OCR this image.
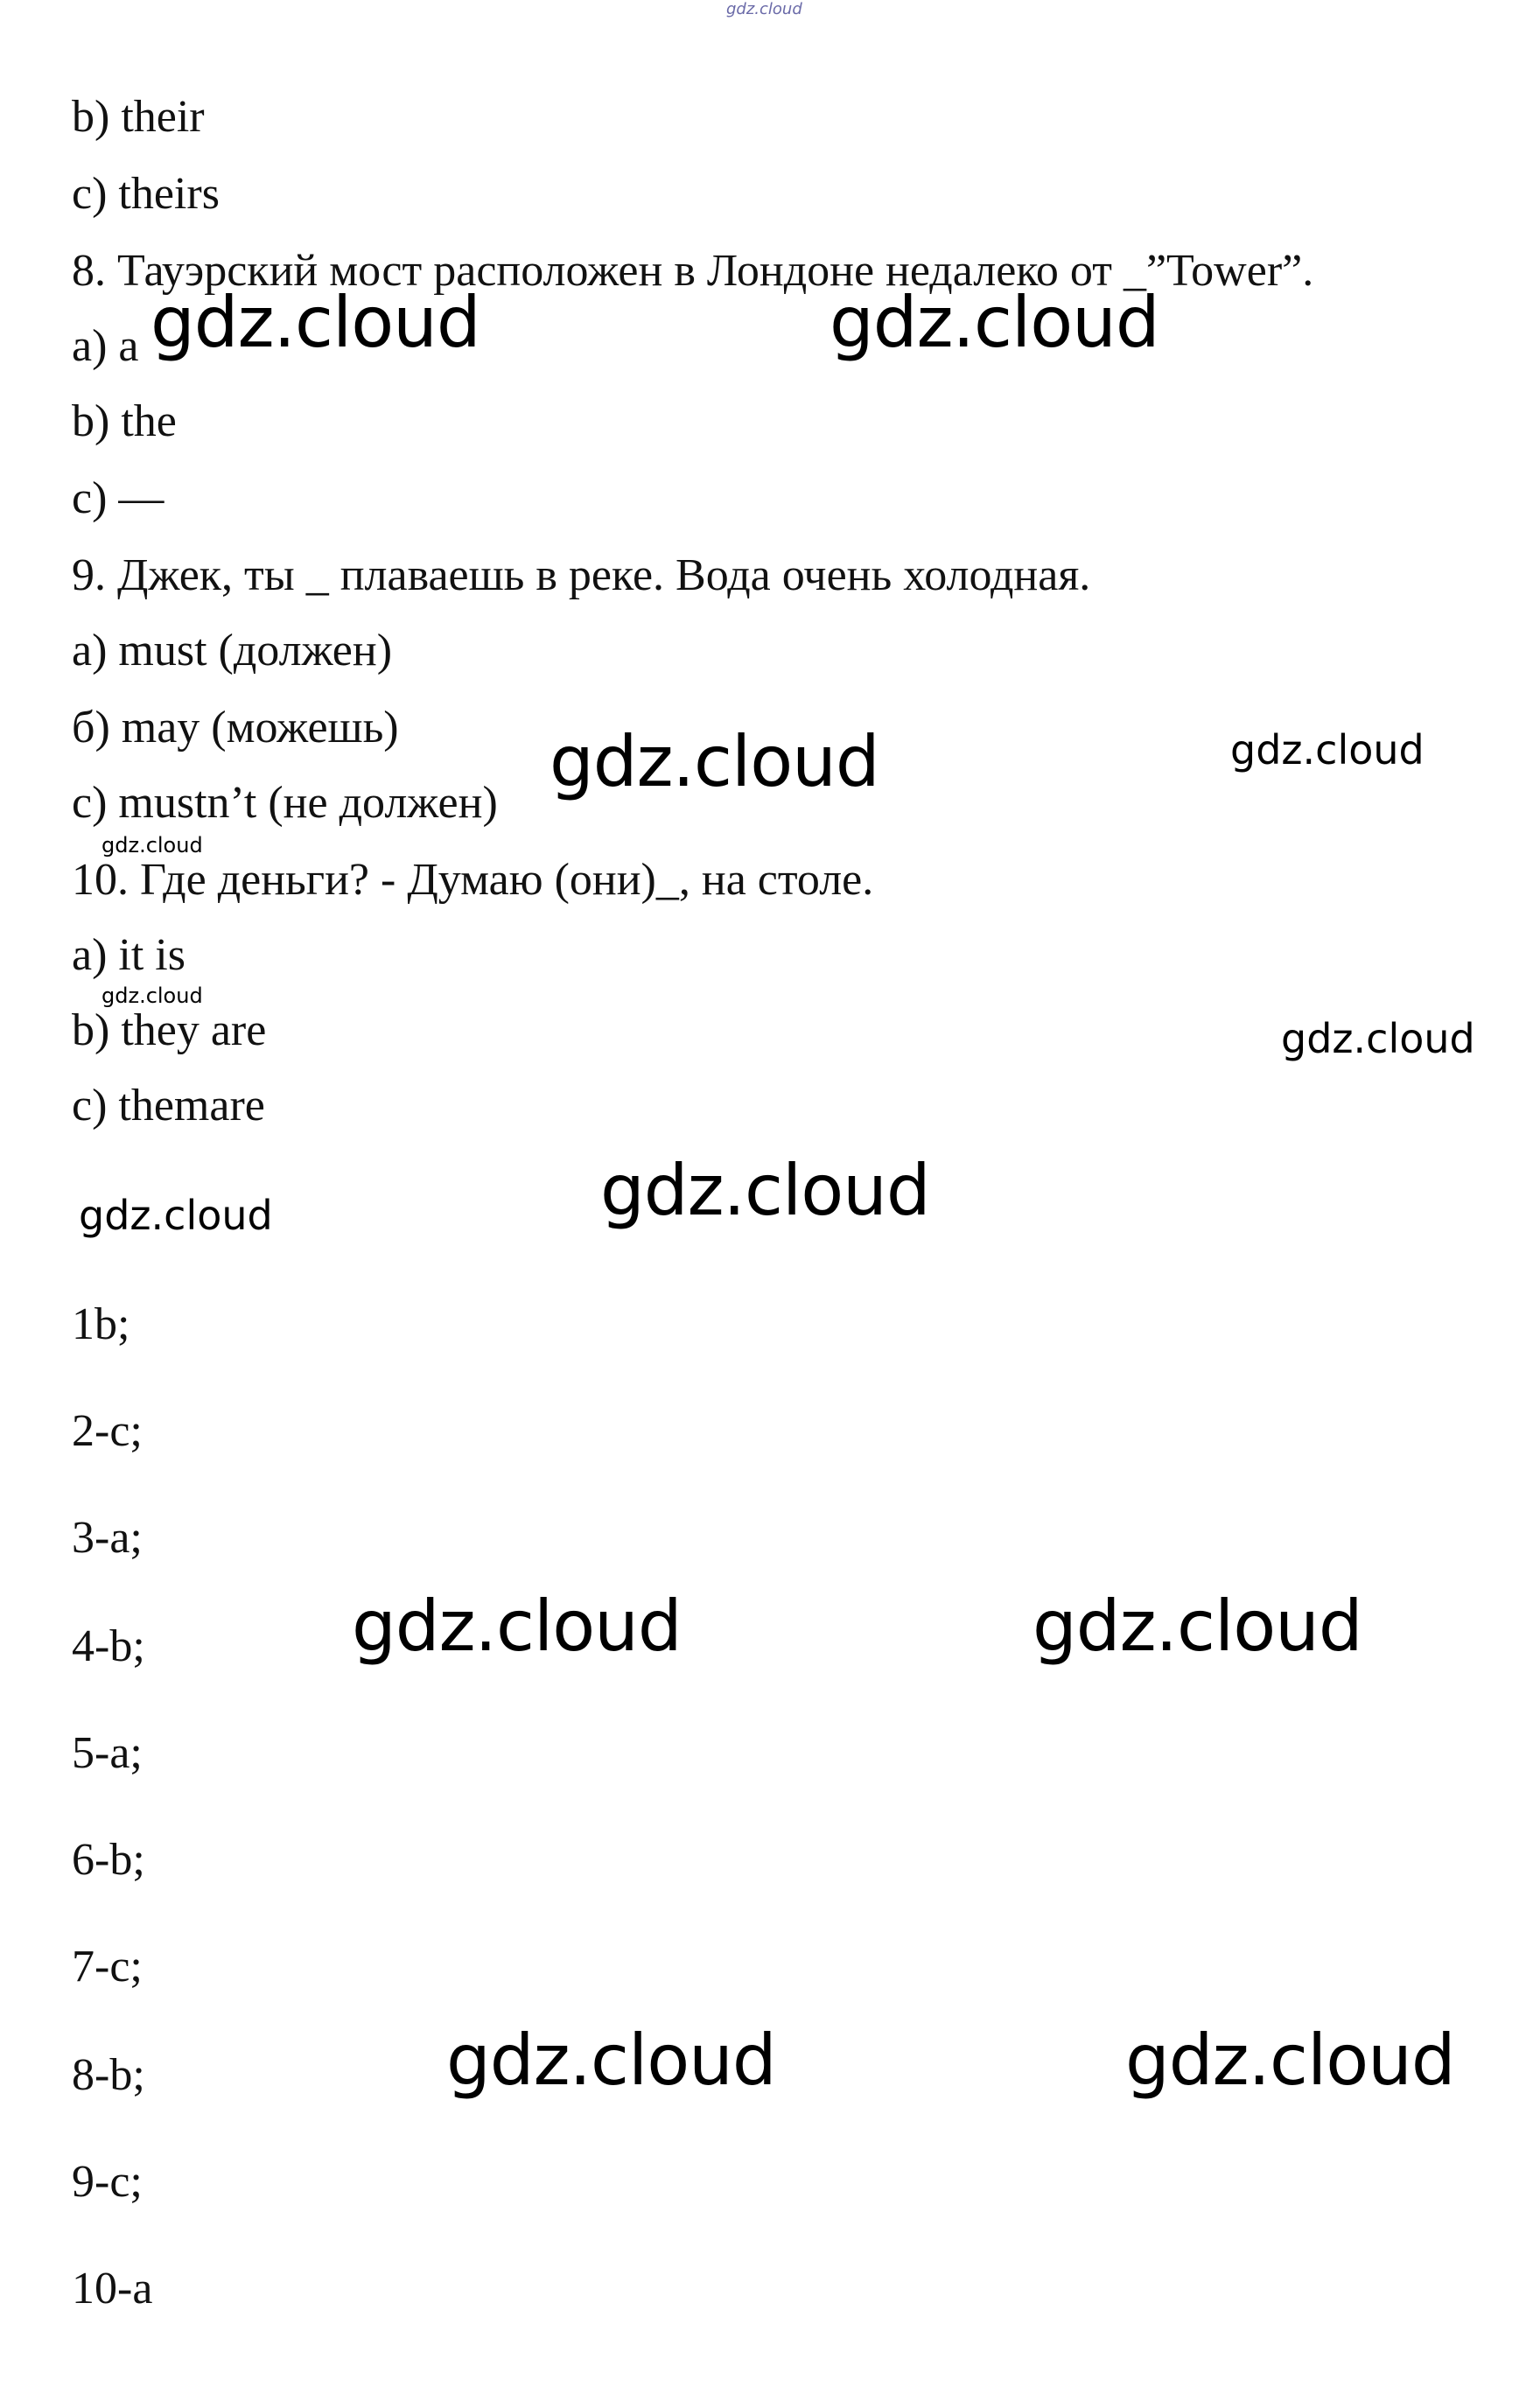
gdz.cloud
b) their
c) theirs
8. Тауэрский мост расположен в Лондоне недалеко от _”Tower”.
a) a
b) the
c) —
9. Джек, ты _ плаваешь в реке. Вода очень холодная.
a) must (должен)
б) may (можешь)
c) mustn’t (не должен)
10. Где деньги? - Думаю (они)_, на столе.
a) it is
b) they are
c) themare
1b;
2-c;
3-a;
4-b;
5-a;
6-b;
7-c;
8-b;
9-c;
10-a
gdz.cloud	gdz.cloud
gdz.cloud	gdz.cloud
gdz.cloud
gdz.cloud
gdz.cloud
gdz.cloud
gdz.cloud
gdz.cloud	gdz.cloud
gdz.cloud	gdz.cloud
